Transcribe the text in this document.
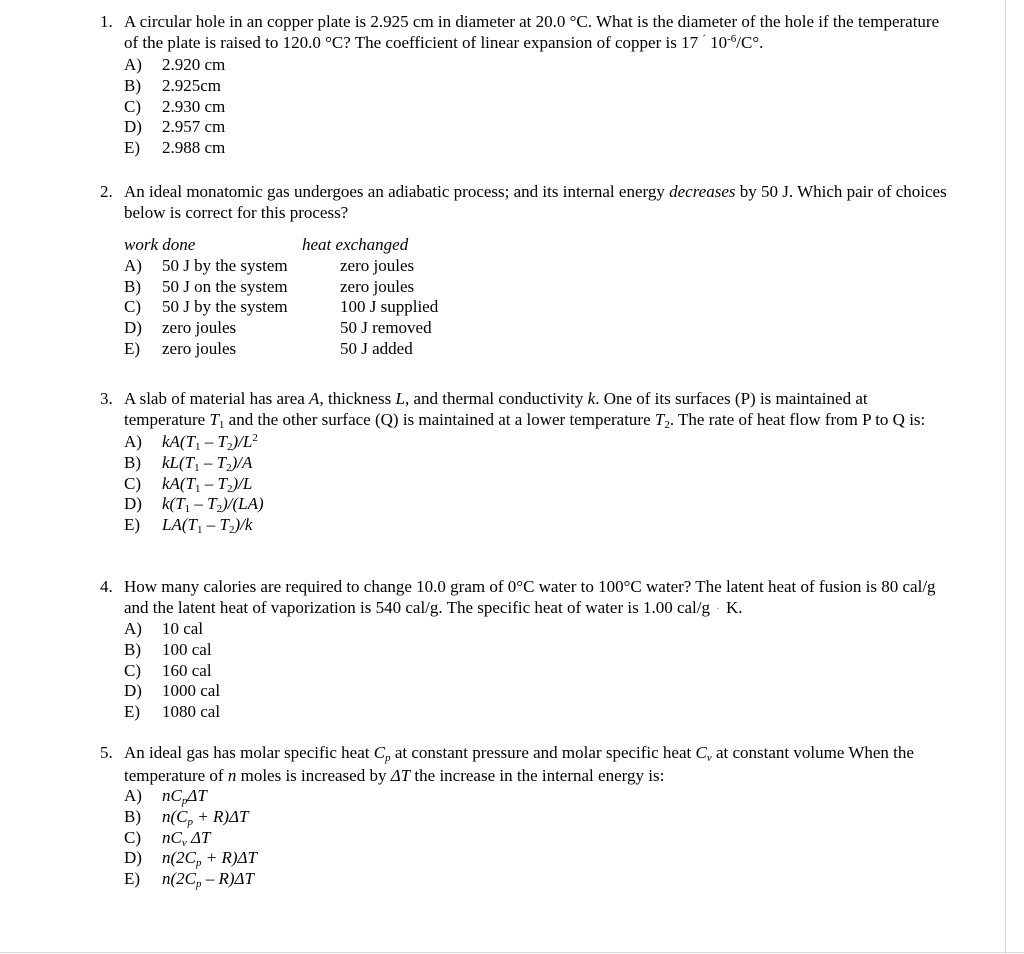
1. A circular hole in an copper plate is 2.925 cm in diameter at 20.0 °C. What is the diameter of the hole if the temperature of the plate is raised to 120.0 °C? The coefficient of linear expansion of copper is 17 ´ $10^{-6}/C^\circ$.

A)	2.920 cm
B)	2.925cm
C)	2.930 cm
D)	2.957 cm
E)	2.988 cm
2. An ideal monatomic gas undergoes an adiabatic process; and its internal energy decreases by 50 J. Which pair of choices below is correct for this process?

work done	heat exchanged
A)	50 J by the system	zero joules
B)	50 J on the system	zero joules
C)	50 J by the system	100 J supplied
D)	zero joules	50 J removed
E)	zero joules	50 J added
3. A slab of material has area A, thickness L, and thermal conductivity k. One of its surfaces (P) is maintained at temperature T1 and the other surface (Q) is maintained at a lower temperature T2. The rate of heat flow from P to Q is:

A)	$kA(T1 - T2)/L^2$
B)	kL(T1 – T2)/A
C)	kA(T1 – T2)/L
D)	k(T1 – T2)/(LA)
E)	LA(T1 – T2)/k
4. How many calories are required to change 10.0 gram of 0°C water to 100°C water? The latent heat of fusion is 80 cal/g and the latent heat of vaporization is 540 cal/g. The specific heat of water is 1.00 cal/g · K.

A)	10 cal
B)	100 cal
C)	160 cal
D)	1000 cal
E)	1080 cal
5. An ideal gas has molar specific heat Cp at constant pressure and molar specific heat Cv at constant volume When the temperature of n moles is increased by ΔT the increase in the internal energy is:

A)	nCpΔT
B)	n(Cp + R)ΔT
C)	nCv ΔT
D)	n(2Cp + R)ΔT
E)	n(2Cp – R)ΔT
